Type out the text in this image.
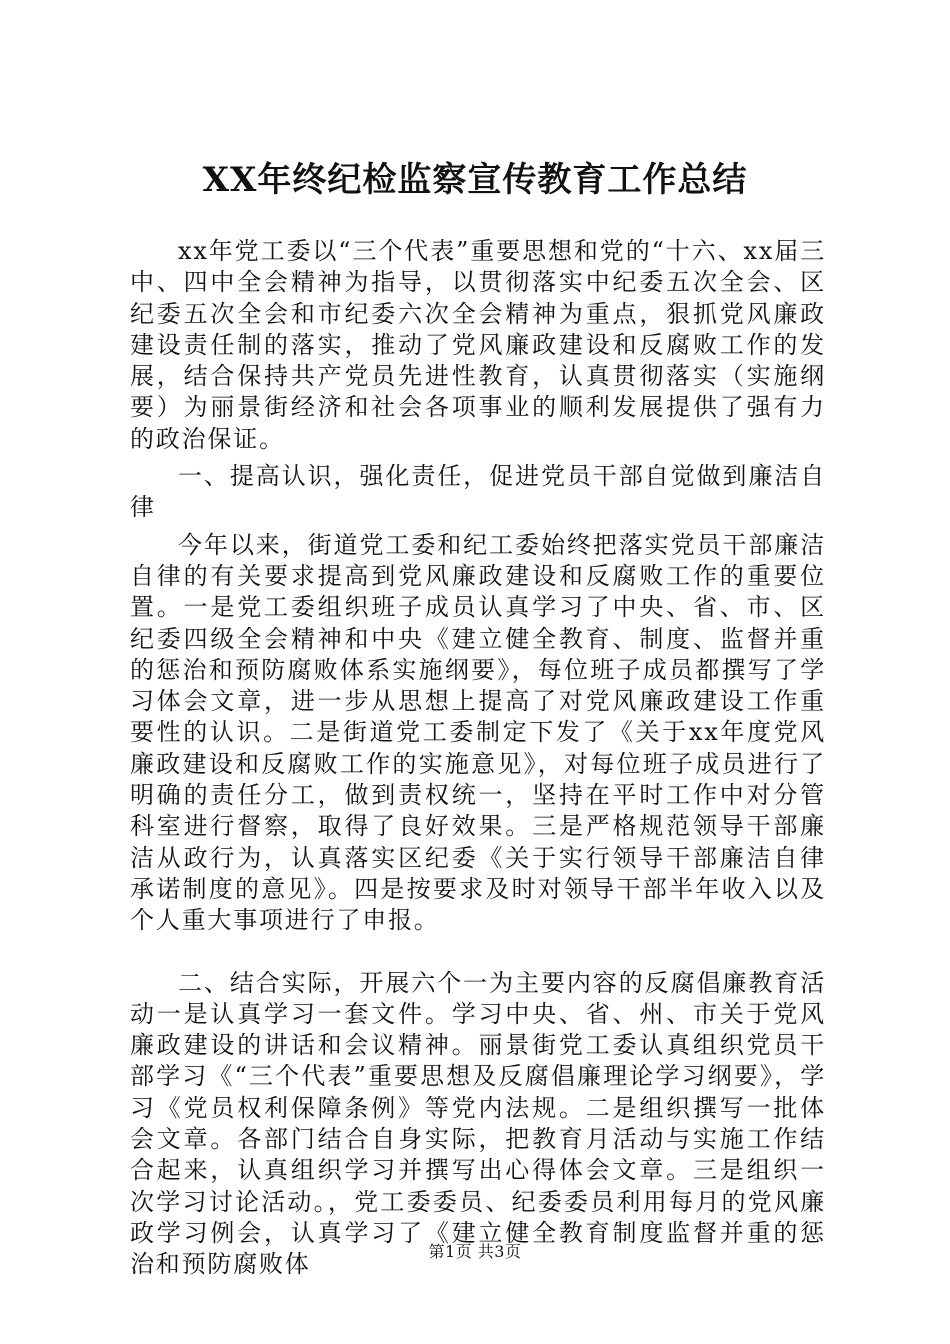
XX年终纪检监察宣传教育工作总结

xx年党工委以“三个代表”重要思想和党的“十六、xx届三中、四中全会精神为指导，以贯彻落实中纪委五次全会、区纪委五次全会和市纪委六次全会精神为重点，狠抓党风廉政建设责任制的落实，推动了党风廉政建设和反腐败工作的发展，结合保持共产党员先进性教育，认真贯彻落实（实施纲要）为丽景街经济和社会各项事业的顺利发展提供了强有力的政治保证。

一、提高认识，强化责任，促进党员干部自觉做到廉洁自律

今年以来，街道党工委和纪工委始终把落实党员干部廉洁自律的有关要求提高到党风廉政建设和反腐败工作的重要位置。一是党工委组织班子成员认真学习了中央、省、市、区纪委四级全会精神和中央《建立健全教育、制度、监督并重的惩治和预防腐败体系实施纲要》，每位班子成员都撰写了学习体会文章，进一步从思想上提高了对党风廉政建设工作重要性的认识。二是街道党工委制定下发了《关于xx年度党风廉政建设和反腐败工作的实施意见》，对每位班子成员进行了明确的责任分工，做到责权统一，坚持在平时工作中对分管科室进行督察，取得了良好效果。三是严格规范领导干部廉洁从政行为，认真落实区纪委《关于实行领导干部廉洁自律承诺制度的意见》。四是按要求及时对领导干部半年收入以及个人重大事项进行了申报。

二、结合实际，开展六个一为主要内容的反腐倡廉教育活动一是认真学习一套文件。学习中央、省、州、市关于党风廉政建设的讲话和会议精神。丽景街党工委认真组织党员干部学习《“三个代表”重要思想及反腐倡廉理论学习纲要》，学习《党员权利保障条例》等党内法规。二是组织撰写一批体会文章。各部门结合自身实际，把教育月活动与实施工作结合起来，认真组织学习并撰写出心得体会文章。三是组织一次学习讨论活动。，党工委委员、纪委委员利用每月的党风廉政学习例会，认真学习了《建立健全教育制度监督并重的惩治和预防腐败体	第1页 共3页
